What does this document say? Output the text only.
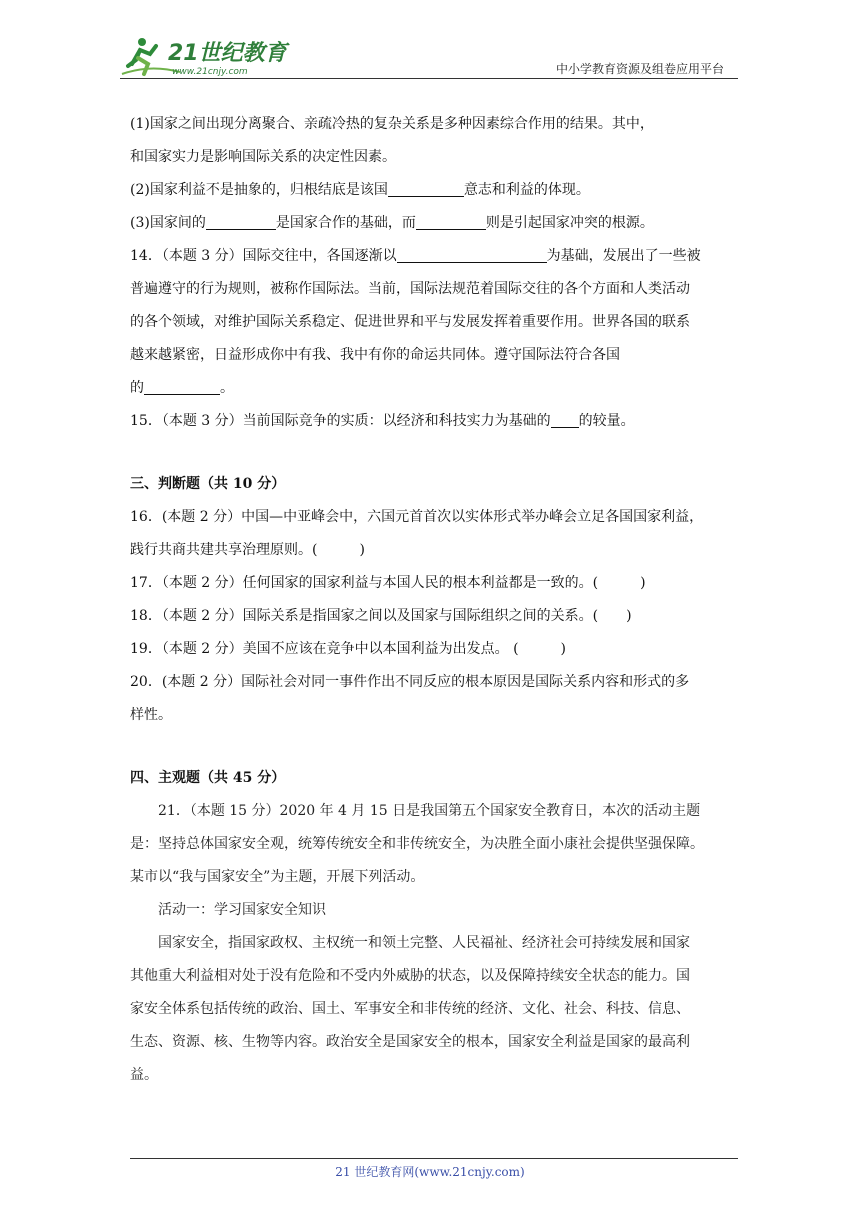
21世纪教育
www.21cnjy.com	中小学教育资源及组卷应用平台

(1)国家之间出现分离聚合、亲疏冷热的复杂关系是多种因素综合作用的结果。其中，

和国家实力是影响国际关系的决定性因素。

(2)国家利益不是抽象的，归根结底是该国	意志和利益的体现。

(3)国家间的	是国家合作的基础，而	则是引起国家冲突的根源。

14．（本题 3 分）国际交往中，各国逐渐以	为基础，发展出了一些被

普遍遵守的行为规则，被称作国际法。当前，国际法规范着国际交往的各个方面和人类活动

的各个领域，对维护国际关系稳定、促进世界和平与发展发挥着重要作用。世界各国的联系

越来越紧密，日益形成你中有我、我中有你的命运共同体。遵守国际法符合各国

的	。

15．（本题 3 分）当前国际竞争的实质：以经济和科技实力为基础的 的较量。

三、判断题（共 10 分）

16．(本题 2 分）中国—中亚峰会中，六国元首首次以实体形式举办峰会立足各国国家利益，

践行共商共建共享治理原则。(　　　)

17．（本题 2 分）任何国家的国家利益与本国人民的根本利益都是一致的。(　　　)

18．（本题 2 分）国际关系是指国家之间以及国家与国际组织之间的关系。(　　)

19．（本题 2 分）美国不应该在竞争中以本国利益为出发点。 (　　　)

20．(本题 2 分）国际社会对同一事件作出不同反应的根本原因是国际关系内容和形式的多

样性。

四、主观题（共 45 分）

21．（本题 15 分）2020 年 4 月 15 日是我国第五个国家安全教育日，本次的活动主题

是：坚持总体国家安全观，统筹传统安全和非传统安全，为决胜全面小康社会提供坚强保障。

某市以“我与国家安全”为主题，开展下列活动。

活动一：学习国家安全知识

国家安全，指国家政权、主权统一和领土完整、人民福祉、经济社会可持续发展和国家

其他重大利益相对处于没有危险和不受内外威胁的状态，以及保障持续安全状态的能力。国

家安全体系包括传统的政治、国土、军事安全和非传统的经济、文化、社会、科技、信息、

生态、资源、核、生物等内容。政治安全是国家安全的根本，国家安全利益是国家的最高利

益。

21 世纪教育网(www.21cnjy.com)
